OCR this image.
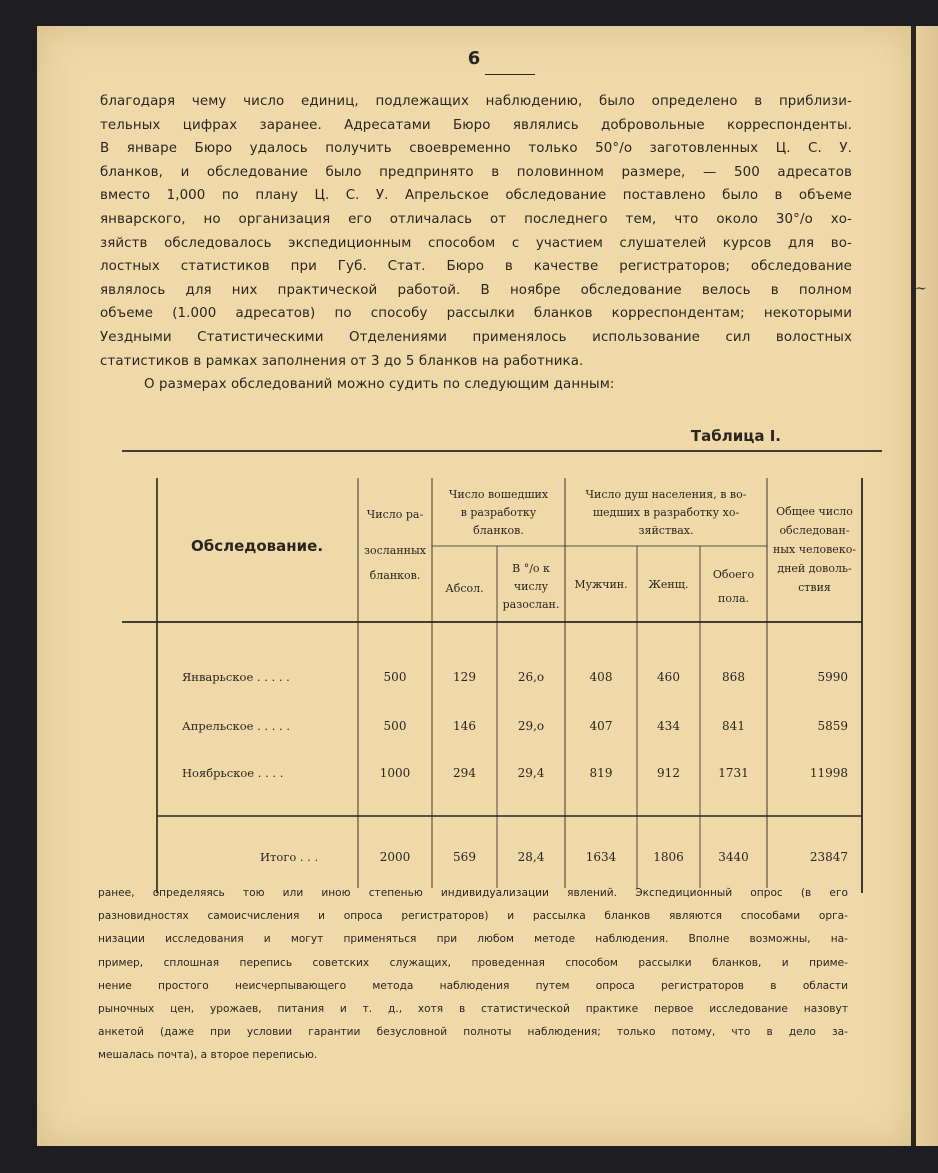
~
6
благодаря чему число единиц, подлежащих наблюдению, было определено в приблизи-
тельных цифрах заранее. Адресатами Бюро являлись добровольные корреспонденты.
В январе Бюро удалось получить своевременно только 50°/о заготовленных Ц. С. У.
бланков, и обследование было предпринято в половинном размере, — 500 адресатов
вместо 1,000 по плану Ц. С. У. Апрельское обследование поставлено было в объеме
январского, но организация его отличалась от последнего тем, что около 30°/о хо-
зяйств обследовалось экспедиционным способом с участием слушателей курсов для во-
лостных статистиков при Губ. Стат. Бюро в качестве регистраторов; обследование
являлось для них практической работой. В ноябре обследование велось в полном
объеме (1.000 адресатов) по способу рассылки бланков корреспондентам; некоторыми
Уездными Статистическими Отделениями применялось использование сил волостных
статистиков в рамках заполнения от 3 до 5 бланков на работника.
О размерах обследований можно судить по следующим данным:
Таблица I.
Обследование.
Число ра-
зосланных
бланков.
Число вошедших
в разработку
бланков.
Абсол.
В °/о к
числу
разослан.
Число душ населения, в во-
шедших в разработку хо-
зяйствах.
Мужчин.	Женщ.
Обоего
пола.
Общее число
обследован-
ных человеко-
дней доволь-
ствия
Январьское . . . . .	500	129	26,о	408	460	868	5990
Апрельское . . . . .	500	146	29,о	407	434	841	5859
Ноябрьское . . . .	1000	294	29,4	819	912	1731	11998
Итого . . .	2000	569	28,4	1634	1806	3440	23847
ранее, определяясь тою или иною степенью индивидуализации явлений. Экспедиционный опрос (в его
разновидностях самоисчисления и опроса регистраторов) и рассылка бланков являются способами орга-
низации исследования и могут применяться при любом методе наблюдения. Вполне возможны, на-
пример, сплошная перепись советских служащих, проведенная способом рассылки бланков, и приме-
нение простого неисчерпывающего метода наблюдения путем опроса регистраторов в области
рыночных цен, урожаев, питания и т. д., хотя в статистической практике первое исследование назовут
анкетой (даже при условии гарантии безусловной полноты наблюдения; только потому, что в дело за-
мешалась почта), а второе переписью.
